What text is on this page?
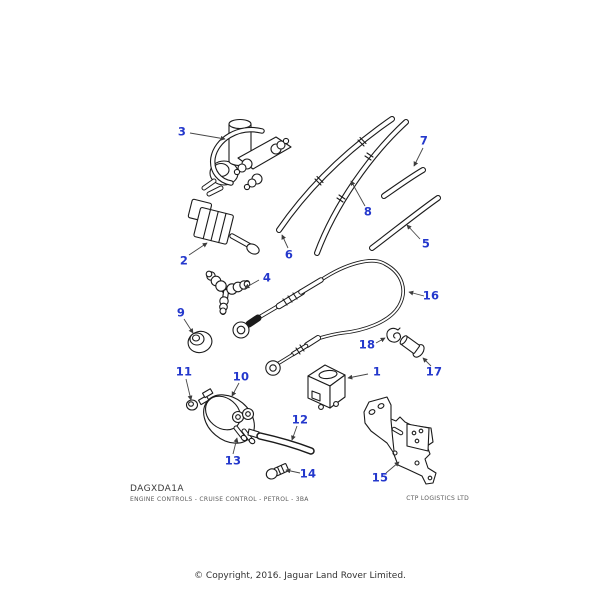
1
2
3
4
5
6
7
8
9
10
11
12
13
14	15
16
17
18
DAGXDA1A
ENGINE CONTROLS - CRUISE CONTROL - PETROL - 3BA	CTP LOGISTICS LTD
© Copyright, 2016. Jaguar Land Rover Limited.
